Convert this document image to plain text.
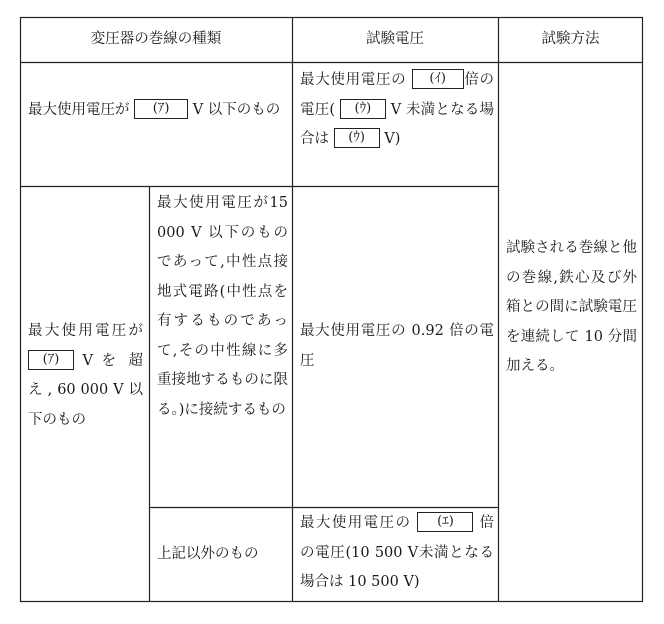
変圧器の巻線の種類	試験電圧	試験方法
最大使用電圧が (ｱ) V 以下のもの
最大使用電圧の (ｲ) 倍の電圧( (ｳ) V 未満となる場合は (ｳ) V)
最大使用電圧が (ｱ) V を 超 え , 60 000 V 以下のもの
最大使用電圧が15 000 V 以下のものであって,中性点接地式電路(中性点を有するものであって,その中性線に多重接地するものに限る。)に接続するもの
最大使用電圧の 0.92 倍の電圧
上記以外のもの
最大使用電圧の (ｴ) 倍の電圧(10 500 V未満となる場合は 10 500 V)
試験される巻線と他の巻線,鉄心及び外箱との間に試験電圧を連続して 10 分間加える。
